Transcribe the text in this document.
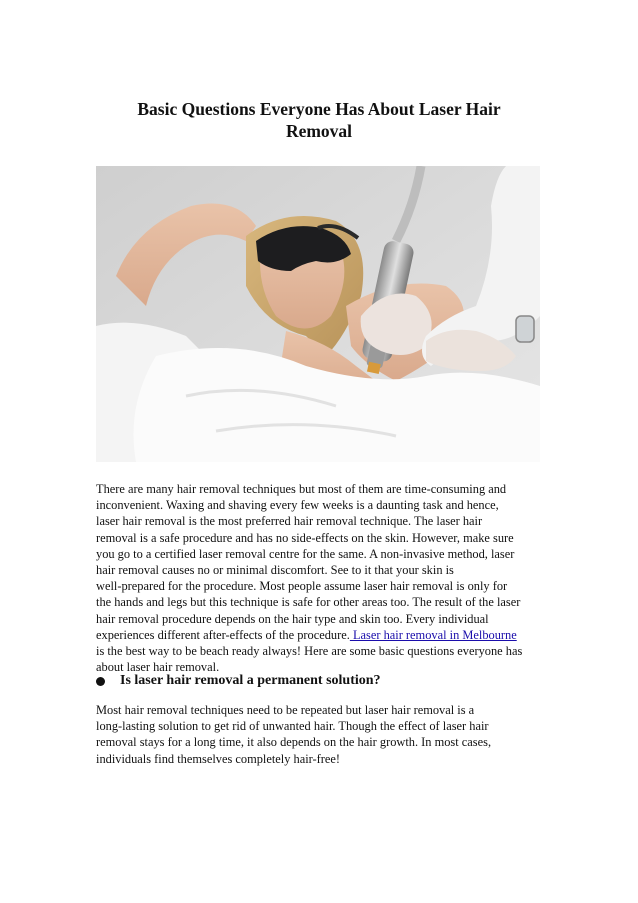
Basic Questions Everyone Has About Laser Hair
Removal
There are many hair removal techniques but most of them are time-consuming and
inconvenient. Waxing and shaving every few weeks is a daunting task and hence,
laser hair removal is the most preferred hair removal technique. The laser hair
removal is a safe procedure and has no side-effects on the skin. However, make sure
you go to a certified laser removal centre for the same. A non-invasive method, laser
hair removal causes no or minimal discomfort. See to it that your skin is
well-prepared for the procedure. Most people assume laser hair removal is only for
the hands and legs but this technique is safe for other areas too. The result of the laser
hair removal procedure depends on the hair type and skin too. Every individual
experiences different after-effects of the procedure. Laser hair removal in Melbourne
is the best way to be beach ready always! Here are some basic questions everyone has
about laser hair removal.
Is laser hair removal a permanent solution?
Most hair removal techniques need to be repeated but laser hair removal is a
long-lasting solution to get rid of unwanted hair. Though the effect of laser hair
removal stays for a long time, it also depends on the hair growth. In most cases,
individuals find themselves completely hair-free!
